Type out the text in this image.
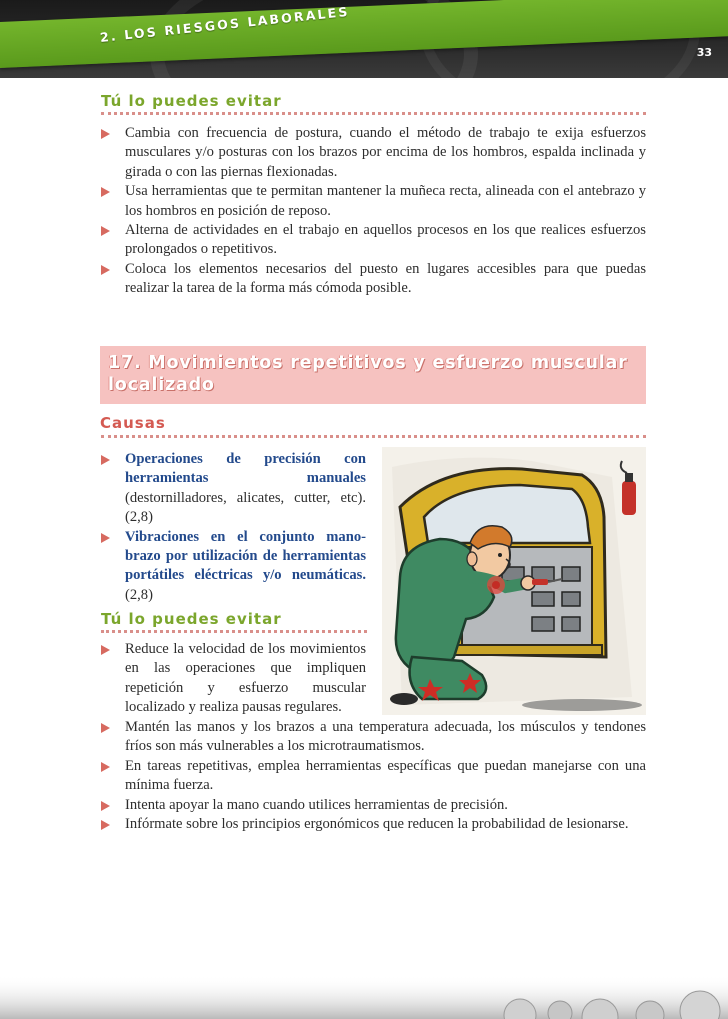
2. LOS RIESGOS LABORALES
33
Tú lo puedes evitar
Cambia con frecuencia de postura, cuando el método de trabajo te exija esfuerzos musculares y/o posturas con los brazos por encima de los hombros, espalda inclinada y girada o con las piernas flexionadas.
Usa herramientas que te permitan mantener la muñeca recta, alineada con el antebrazo y los hombros en posición de reposo.
Alterna de actividades en el trabajo en aquellos procesos en los que realices esfuerzos prolongados o repetitivos.
Coloca los elementos necesarios del puesto en lugares accesibles para que puedas realizar la tarea de la forma más cómoda posible.
17. Movimientos repetitivos y esfuerzo muscular localizado
Causas
Operaciones de precisión con herramientas manuales (destornilladores, alicates, cutter, etc). (2,8)
Vibraciones en el conjunto mano-brazo por utilización de herramientas portátiles eléctricas y/o neumáticas. (2,8)
Tú lo puedes evitar
Reduce la velocidad de los movimientos en las operaciones que impliquen repetición y esfuerzo muscular localizado y realiza pausas regulares.
Mantén las manos y los brazos a una temperatura adecuada, los músculos y tendones fríos son más vulnerables a los microtraumatismos.
En tareas repetitivas, emplea herramientas específicas que puedan manejarse con una mínima fuerza.
Intenta apoyar la mano cuando utilices herramientas de precisión.
Infórmate sobre los principios ergonómicos que reducen la probabilidad de lesionarse.
